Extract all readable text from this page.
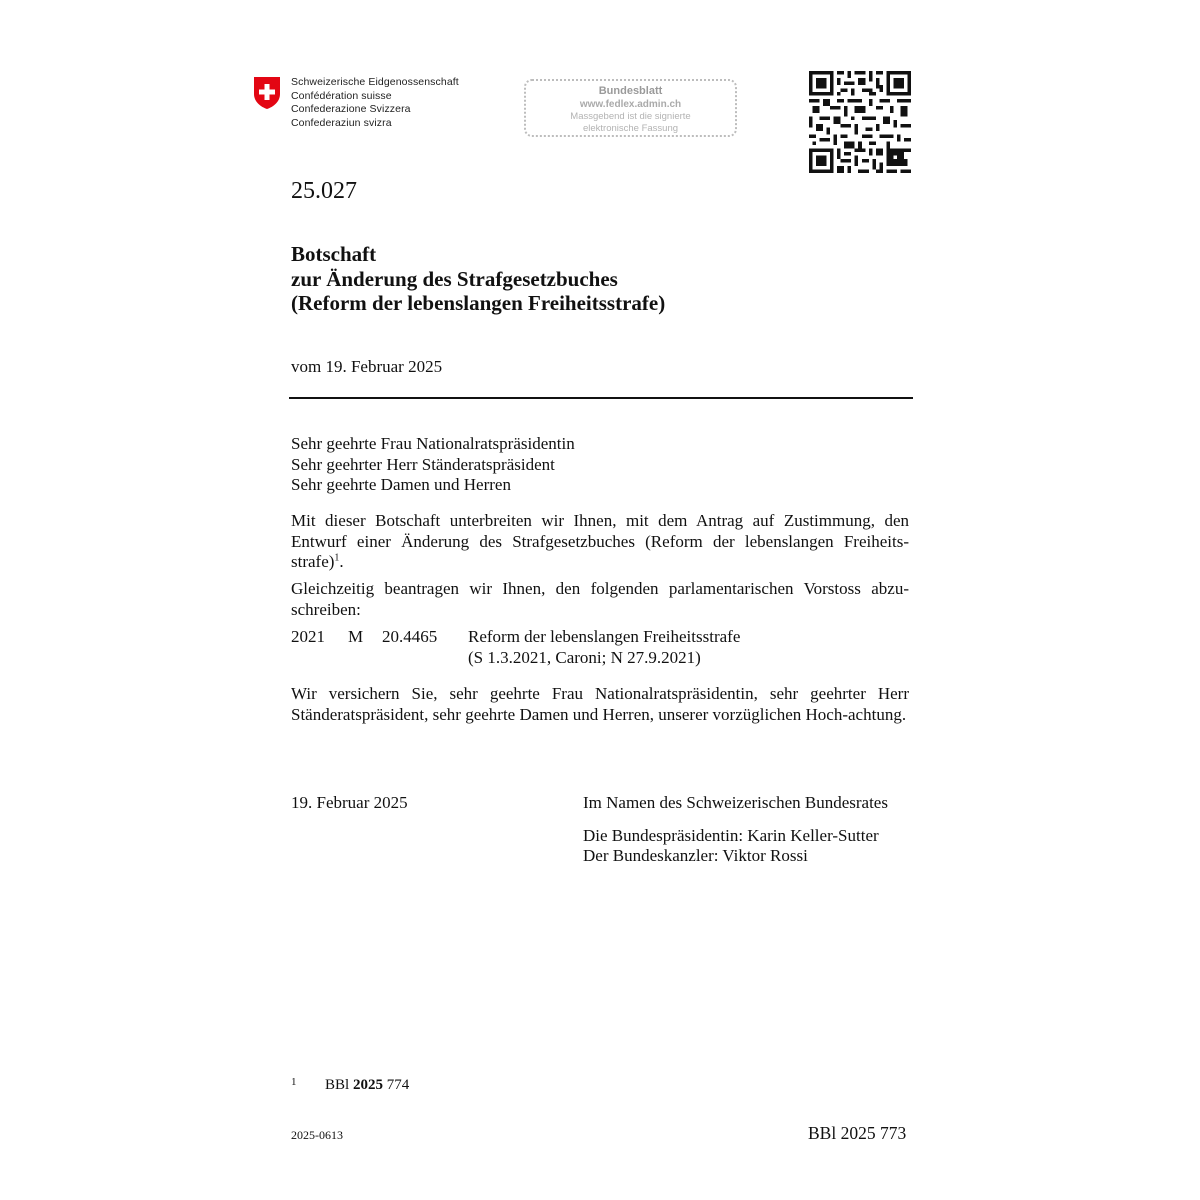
Schweizerische Eidgenossenschaft
Confédération suisse
Confederazione Svizzera
Confederaziun svizra
Bundesblatt
www.fedlex.admin.ch
Massgebend ist die signierte
elektronische Fassung
25.027
Botschaft
zur Änderung des Strafgesetzbuches
(Reform der lebenslangen Freiheitsstrafe)
vom 19. Februar 2025
Sehr geehrte Frau Nationalratspräsidentin
Sehr geehrter Herr Ständeratspräsident
Sehr geehrte Damen und Herren
Mit dieser Botschaft unterbreiten wir Ihnen, mit dem Antrag auf Zustimmung, den Entwurf einer Änderung des Strafgesetzbuches (Reform der lebenslangen Freiheits-strafe)$^1$.
Gleichzeitig beantragen wir Ihnen, den folgenden parlamentarischen Vorstoss abzu-schreiben:
2021 M 20.4465 Reform der lebenslangen Freiheitsstrafe
(S 1.3.2021, Caroni; N 27.9.2021)
Wir versichern Sie, sehr geehrte Frau Nationalratspräsidentin, sehr geehrter Herr Ständeratspräsident, sehr geehrte Damen und Herren, unserer vorzüglichen Hoch-achtung.
19. Februar 2025	Im Namen des Schweizerischen Bundesrates
Die Bundespräsidentin: Karin Keller-Sutter
Der Bundeskanzler: Viktor Rossi
1 BBl 2025 774
2025-0613	BBl 2025 773
